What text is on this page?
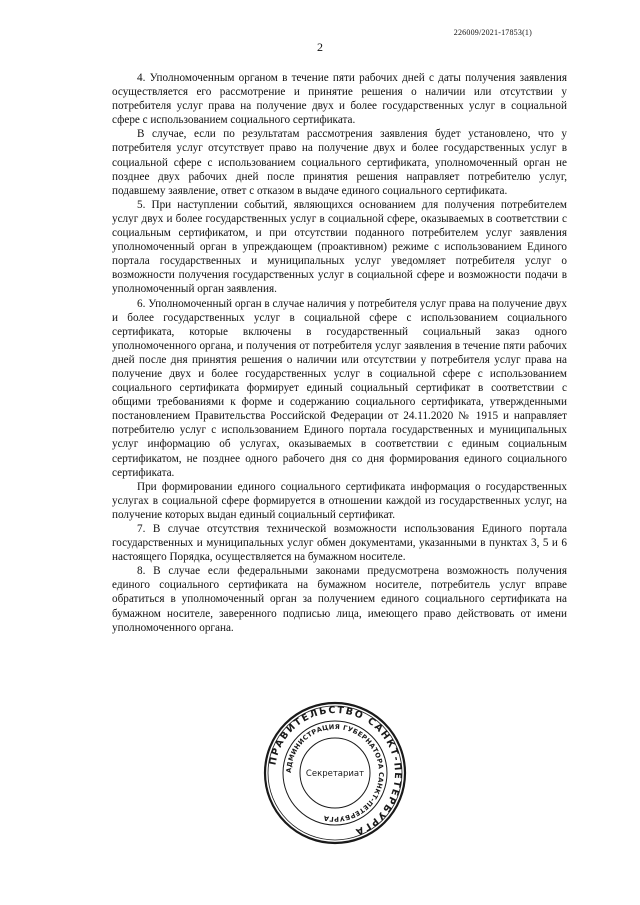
226009/2021-17853(1)
2

4. Уполномоченным органом в течение пяти рабочих дней с даты получения заявления осуществляется его рассмотрение и принятие решения о наличии или отсутствии у потребителя услуг права на получение двух и более государственных услуг в социальной сфере с использованием социального сертификата.

В случае, если по результатам рассмотрения заявления будет установлено, что у потребителя услуг отсутствует право на получение двух и более государственных услуг в социальной сфере с использованием социального сертификата, уполномоченный орган не позднее двух рабочих дней после принятия решения направляет потребителю услуг, подавшему заявление, ответ с отказом в выдаче единого социального сертификата.

5. При наступлении событий, являющихся основанием для получения потребителем услуг двух и более государственных услуг в социальной сфере, оказываемых в соответствии с социальным сертификатом, и при отсутствии поданного потребителем услуг заявления уполномоченный орган в упреждающем (проактивном) режиме с использованием Единого портала государственных и муниципальных услуг уведомляет потребителя услуг о возможности получения государственных услуг в социальной сфере и возможности подачи в уполномоченный орган заявления.

6. Уполномоченный орган в случае наличия у потребителя услуг права на получение двух и более государственных услуг в социальной сфере с использованием социального сертификата, которые включены в государственный социальный заказ одного уполномоченного органа, и получения от потребителя услуг заявления в течение пяти рабочих дней после дня принятия решения о наличии или отсутствии у потребителя услуг права на получение двух и более государственных услуг в социальной сфере с использованием социального сертификата формирует единый социальный сертификат в соответствии с общими требованиями к форме и содержанию социального сертификата, утвержденными постановлением Правительства Российской Федерации от 24.11.2020 № 1915 и направляет потребителю услуг с использованием Единого портала государственных и муниципальных услуг информацию об услугах, оказываемых в соответствии с единым социальным сертификатом, не позднее одного рабочего дня со дня формирования единого социального сертификата.

При формировании единого социального сертификата информация о государственных услугах в социальной сфере формируется в отношении каждой из государственных услуг, на получение которых выдан единый социальный сертификат.

7. В случае отсутствия технической возможности использования Единого портала государственных и муниципальных услуг обмен документами, указанными в пунктах 3, 5 и 6 настоящего Порядка, осуществляется на бумажном носителе.

8. В случае если федеральными законами предусмотрена возможность получения единого социального сертификата на бумажном носителе, потребитель услуг вправе обратиться в уполномоченный орган за получением единого социального сертификата на бумажном носителе, заверенного подписью лица, имеющего право действовать от имени уполномоченного органа.

ПРАВИТЕЛЬСТВО САНКТ-ПЕТЕРБУРГА
АДМИНИСТРАЦИЯ ГУБЕРНАТОРА САНКТ-ПЕТЕРБУРГА
Секретариат
